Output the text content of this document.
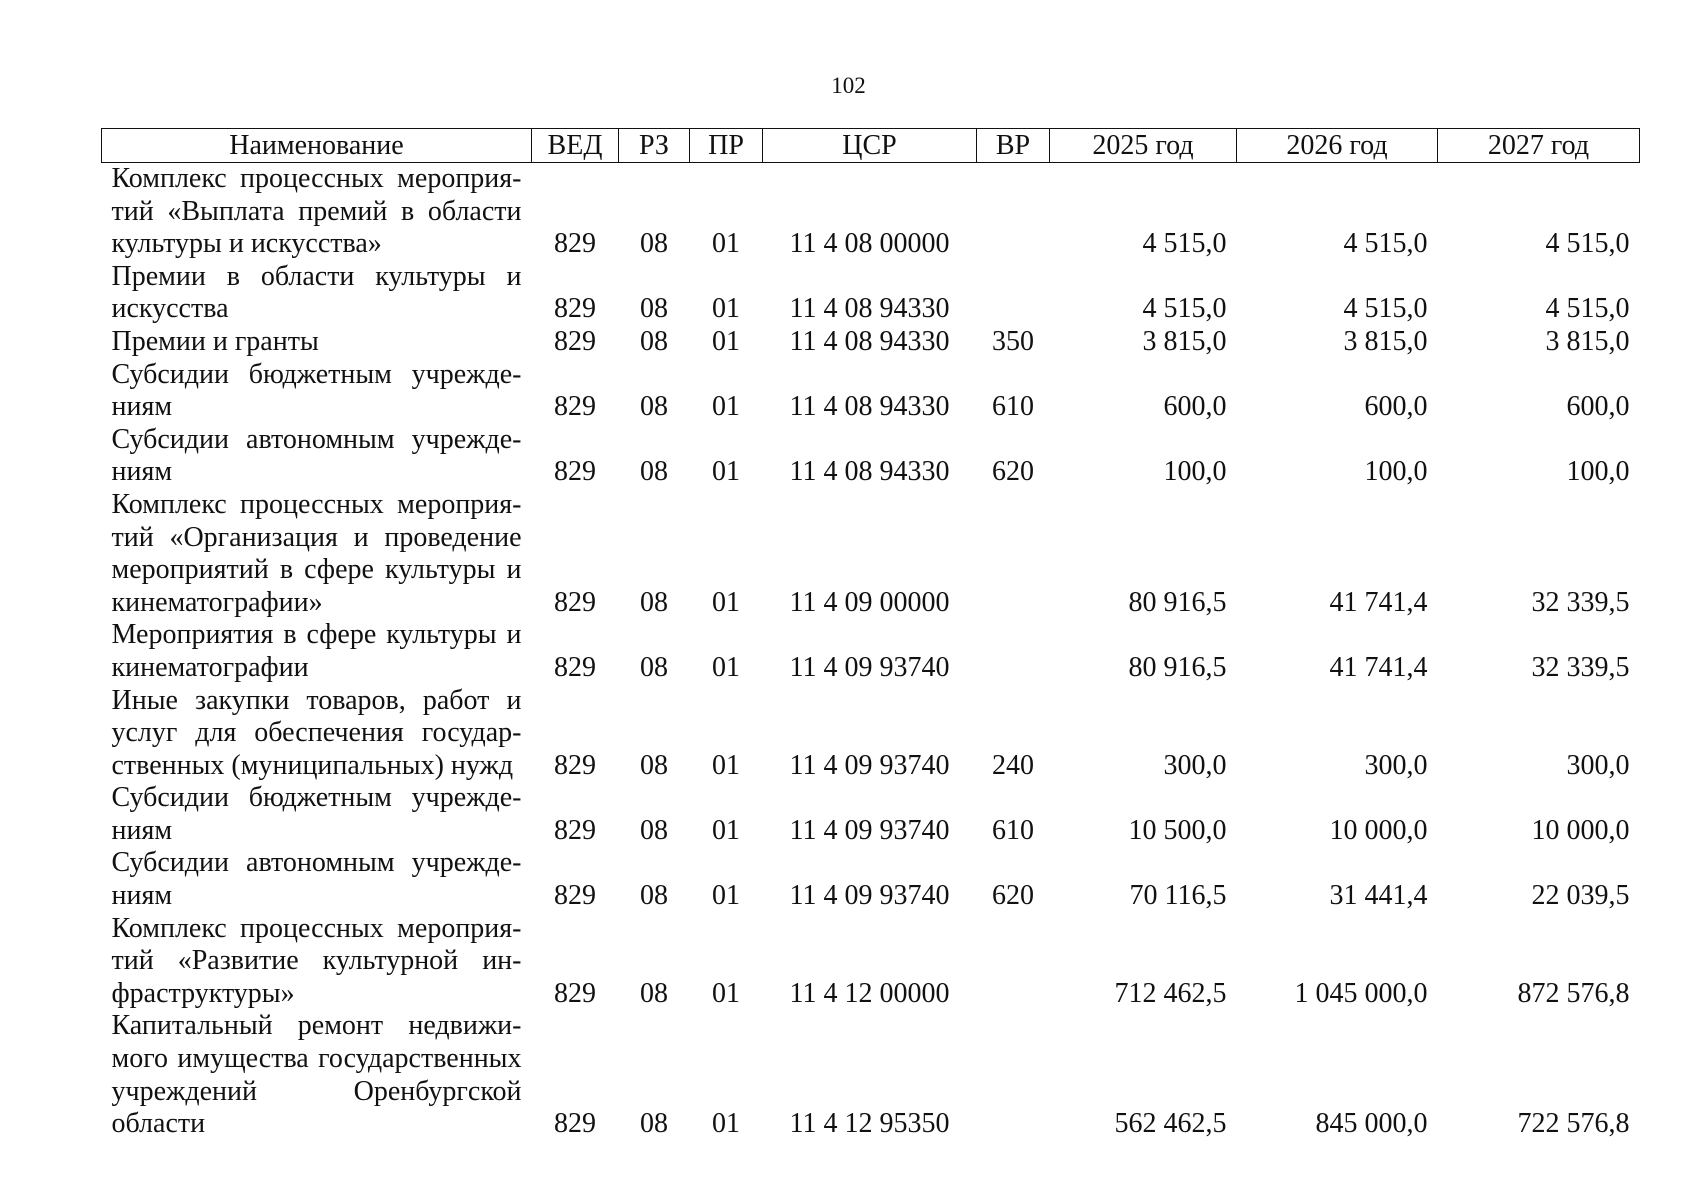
102
Наименование	ВЕД	РЗ	ПР	ЦСР	ВР	2025 год	2026 год	2027 год
Комплекс процессных мероприятий «Выплата премий в области культуры и искусства»	829	08	01	11 4 08 00000		4 515,0	4 515,0	4 515,0
Премии в области культуры и искусства	829	08	01	11 4 08 94330		4 515,0	4 515,0	4 515,0
Премии и гранты	829	08	01	11 4 08 94330	350	3 815,0	3 815,0	3 815,0
Субсидии бюджетным учреждениям	829	08	01	11 4 08 94330	610	600,0	600,0	600,0
Субсидии автономным учреждениям	829	08	01	11 4 08 94330	620	100,0	100,0	100,0
Комплекс процессных мероприятий «Организация и проведение мероприятий в сфере культуры и кинематографии»	829	08	01	11 4 09 00000		80 916,5	41 741,4	32 339,5
Мероприятия в сфере культуры и кинематографии	829	08	01	11 4 09 93740		80 916,5	41 741,4	32 339,5
Иные закупки товаров, работ и услуг для обеспечения государственных (муниципальных) нужд	829	08	01	11 4 09 93740	240	300,0	300,0	300,0
Субсидии бюджетным учреждениям	829	08	01	11 4 09 93740	610	10 500,0	10 000,0	10 000,0
Субсидии автономным учреждениям	829	08	01	11 4 09 93740	620	70 116,5	31 441,4	22 039,5
Комплекс процессных мероприятий «Развитие культурной инфраструктуры»	829	08	01	11 4 12 00000		712 462,5	1 045 000,0	872 576,8
Капитальный ремонт недвижимого имущества государственных учреждений Оренбургской области	829	08	01	11 4 12 95350		562 462,5	845 000,0	722 576,8
